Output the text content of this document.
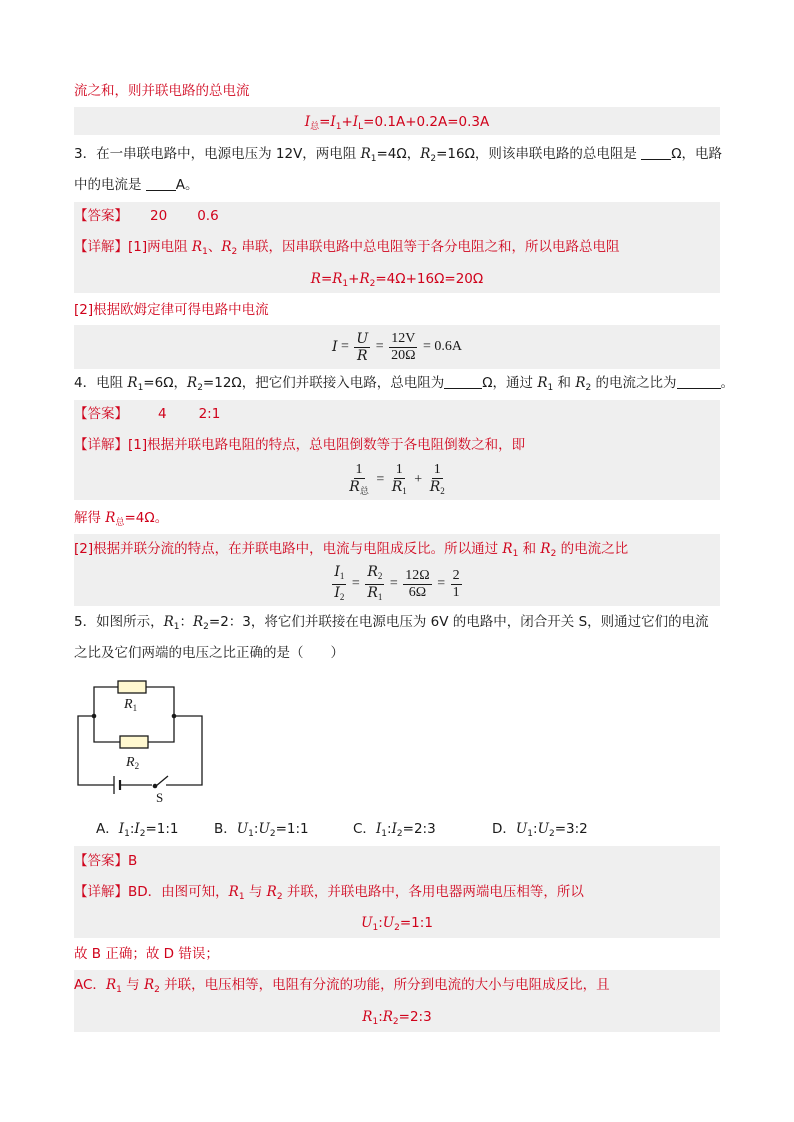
流之和，则并联电路的总电流
$I_总=I_1+I_L=0.1A+0.2A=0.3A$
3．在一串联电路中，电源电压为 12V，两电阻 $R_1=4\Omega$，$R_2=16\Omega$，则该串联电路的总电阻是 Ω，电路
中的电流是 A。
【答案】 20 0.6
【详解】[1]两电阻 $R_1$、$R_2$ 串联，因串联电路中总电阻等于各分电阻之和，所以电路总电阻
$R=R_1+R_2=4\Omega+16\Omega=20\Omega$
[2]根据欧姆定律可得电路中电流
$I = \frac{U}{R} = \frac{12V}{20\Omega} = 0.6A$
4．电阻 $R_1=6\Omega$，$R_2=12\Omega$，把它们并联接入电路，总电阻为	Ω，通过 $R_1$ 和 $R_2$ 的电流之比为	。
【答案】 4 2:1
【详解】[1]根据并联电路电阻的特点，总电阻倒数等于各电阻倒数之和，即
$\frac{1}{R_总} = \frac{1}{R_1} + \frac{1}{R_2}$
解得 $R_总=4\Omega$。
[2]根据并联分流的特点，在并联电路中，电流与电阻成反比。所以通过 $R_1$ 和 $R_2$ 的电流之比
$\frac{I_1}{I_2} = \frac{R_2}{R_1} = \frac{12\Omega}{6\Omega} = \frac{2}{1}$
5．如图所示，$R_1$：$R_2=2$：3，将它们并联接在电源电压为 6V 的电路中，闭合开关 S，则通过它们的电流
之比及它们两端的电压之比正确的是（　　）
$R_1$
$R_2$
S
A．$I_1:I_2=1:1$	B．$U_1:U_2=1:1$	C．$I_1:I_2=2:3$	D．$U_1:U_2=3:2$
【答案】B
【详解】BD．由图可知，$R_1$ 与 $R_2$ 并联，并联电路中，各用电器两端电压相等，所以
$U_1:U_2=1:1$
故 B 正确；故 D 错误；
AC．$R_1$ 与 $R_2$ 并联，电压相等，电阻有分流的功能，所分到电流的大小与电阻成反比，且
$R_1:R_2=2:3$
